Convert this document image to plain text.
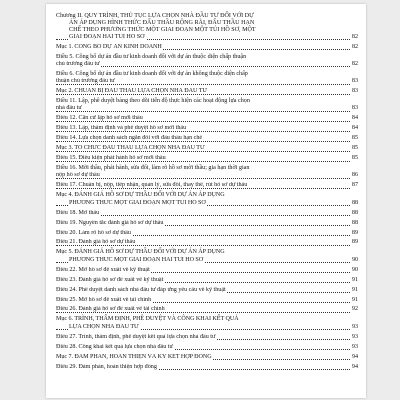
Chương II. QUY TRÌNH, THỦ TỤC LỰA CHỌN NHÀ ĐẦU TƯ ĐỐI VỚI DỰ
ÁN ÁP DỤNG HÌNH THỨC ĐẤU THẦU RỘNG RÃI, ĐẤU THẦU HẠN
CHẾ THEO PHƯƠNG THỨC MỘT GIAI ĐOẠN MỘT TÚI HỒ SƠ, MỘT
GIAI ĐOẠN HAI TÚI HỒ SƠ	82
Mục 1. CÔNG BỐ DỰ ÁN KINH DOANH	82
Điều 5. Công bố dự án đầu tư kinh doanh đối với dự án thuộc diện chấp thuận
chủ trương đầu tư	82
Điều 6. Công bố dự án đầu tư kinh doanh đối với dự án không thuộc diện chấp
thuận chủ trương đầu tư	83
Mục 2. CHUẨN BỊ ĐẤU THẦU LỰA CHỌN NHÀ ĐẦU TƯ	83
Điều 11. Lập, phê duyệt bảng theo dõi tiến độ thực hiện các hoạt động lựa chọn
nhà đầu tư	83
Điều 12. Căn cứ lập hồ sơ mời thầu	84
Điều 13. Lập, thẩm định và phê duyệt hồ sơ mời thầu	84
Điều 14. Lựa chọn danh sách ngắn đối với đấu thầu hạn chế	85
Mục 3. TỔ CHỨC ĐẤU THẦU LỰA CHỌN NHÀ ĐẦU TƯ	85
Điều 15. Điều kiện phát hành hồ sơ mời thầu	85
Điều 16. Mời thầu, phát hành, sửa đổi, làm rõ hồ sơ mời thầu; gia hạn thời gian
nộp hồ sơ dự thầu	86
Điều 17. Chuẩn bị, nộp, tiếp nhận, quản lý, sửa đổi, thay thế, rút hồ sơ dự thầu	87
Mục 4. ĐÁNH GIÁ HỒ SƠ DỰ THẦU ĐỐI VỚI DỰ ÁN ÁP DỤNG
PHƯƠNG THỨC MỘT GIAI ĐOẠN MỘT TÚI HỒ SƠ	88
Điều 18. Mở thầu	88
Điều 19. Nguyên tắc đánh giá hồ sơ dự thầu	88
Điều 20. Làm rõ hồ sơ dự thầu	89
Điều 21. Đánh giá hồ sơ dự thầu	89
Mục 5. ĐÁNH GIÁ HỒ SƠ DỰ THẦU ĐỐI VỚI DỰ ÁN ÁP DỤNG
PHƯƠNG THỨC MỘT GIAI ĐOẠN HAI TÚI HỒ SƠ	90
Điều 22. Mở hồ sơ đề xuất về kỹ thuật	90
Điều 23. Đánh giá hồ sơ đề xuất về kỹ thuật	91
Điều 24. Phê duyệt danh sách nhà đầu tư đáp ứng yêu cầu về kỹ thuật	91
Điều 25. Mở hồ sơ đề xuất về tài chính	91
Điều 26. Đánh giá hồ sơ đề xuất về tài chính	92
Mục 6. TRÌNH, THẨM ĐỊNH, PHÊ DUYỆT VÀ CÔNG KHAI KẾT QUẢ
LỰA CHỌN NHÀ ĐẦU TƯ	93
Điều 27. Trình, thẩm định, phê duyệt kết quả lựa chọn nhà đầu tư	93
Điều 28. Công khai kết quả lựa chọn nhà đầu tư	93
Mục 7. ĐÀM PHÁN, HOÀN THIỆN VÀ KÝ KẾT HỢP ĐỒNG	94
Điều 29. Đàm phán, hoàn thiện hợp đồng	94
